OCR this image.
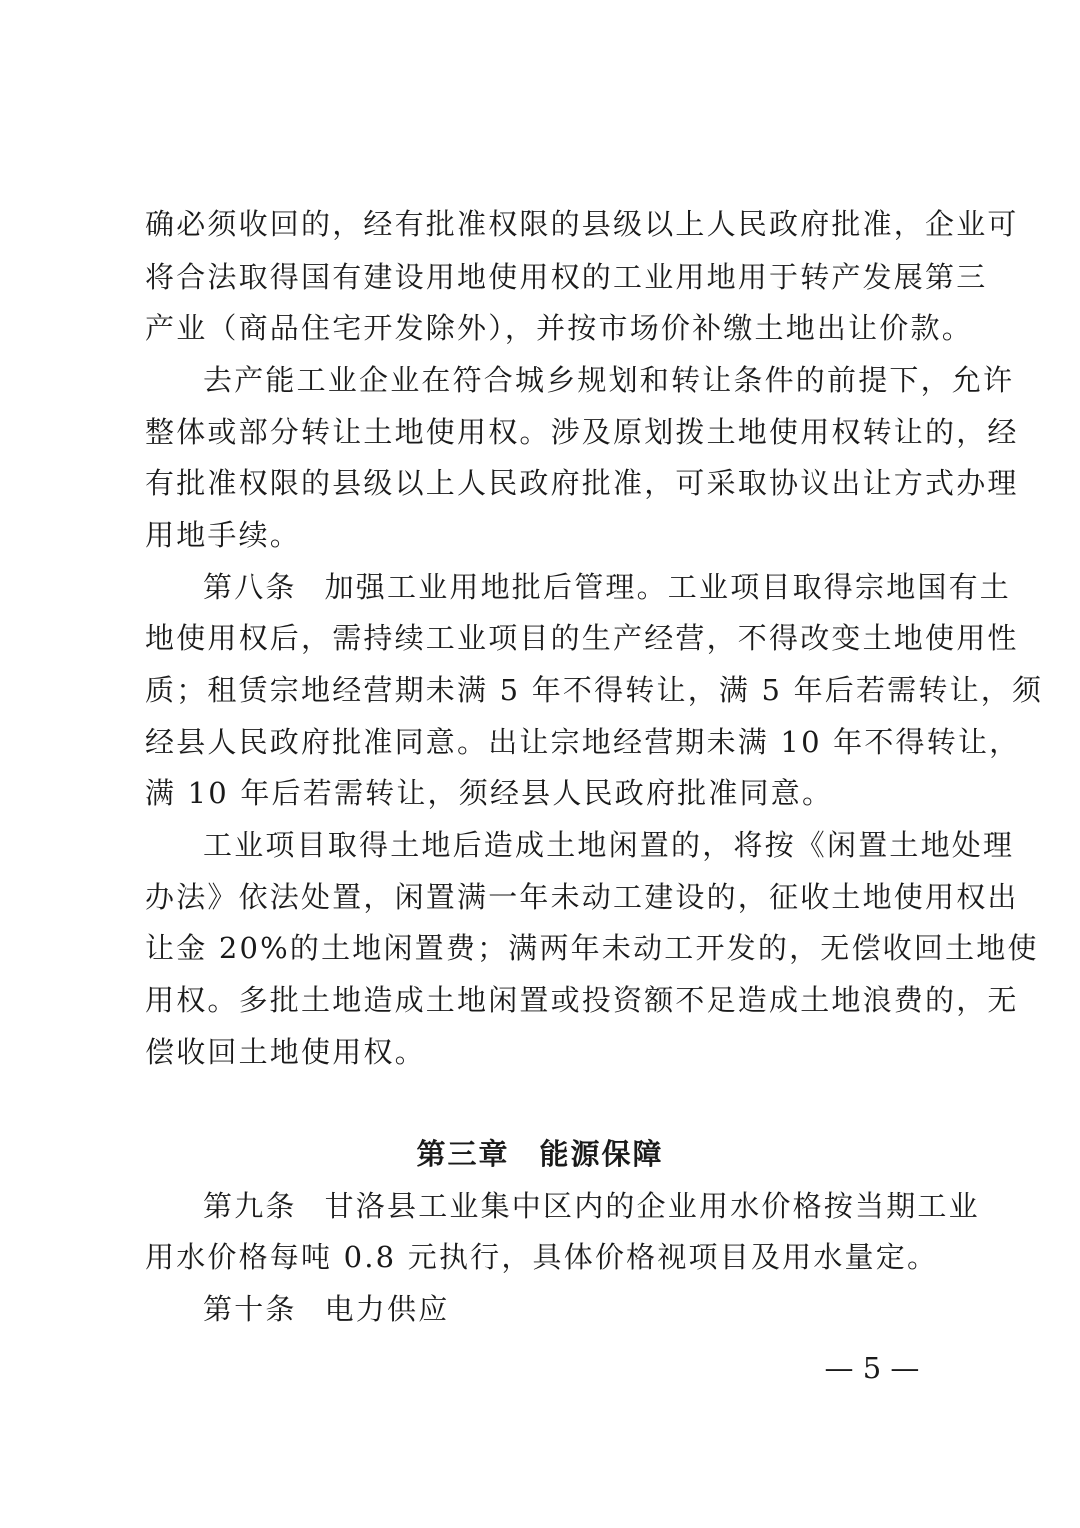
确必须收回的，经有批准权限的县级以上人民政府批准，企业可
将合法取得国有建设用地使用权的工业用地用于转产发展第三
产业（商品住宅开发除外），并按市场价补缴土地出让价款。
去产能工业企业在符合城乡规划和转让条件的前提下，允许
整体或部分转让土地使用权。涉及原划拨土地使用权转让的，经
有批准权限的县级以上人民政府批准，可采取协议出让方式办理
用地手续。
第八条 加强工业用地批后管理。工业项目取得宗地国有土
地使用权后，需持续工业项目的生产经营，不得改变土地使用性
质；租赁宗地经营期未满 5 年不得转让，满 5 年后若需转让，须
经县人民政府批准同意。出让宗地经营期未满 10 年不得转让，
满 10 年后若需转让，须经县人民政府批准同意。
工业项目取得土地后造成土地闲置的，将按《闲置土地处理
办法》依法处置，闲置满一年未动工建设的，征收土地使用权出
让金 20%的土地闲置费；满两年未动工开发的，无偿收回土地使
用权。多批土地造成土地闲置或投资额不足造成土地浪费的，无
偿收回土地使用权。
第三章 能源保障
第九条 甘洛县工业集中区内的企业用水价格按当期工业
用水价格每吨 0.8 元执行，具体价格视项目及用水量定。
第十条 电力供应
— 5 —
